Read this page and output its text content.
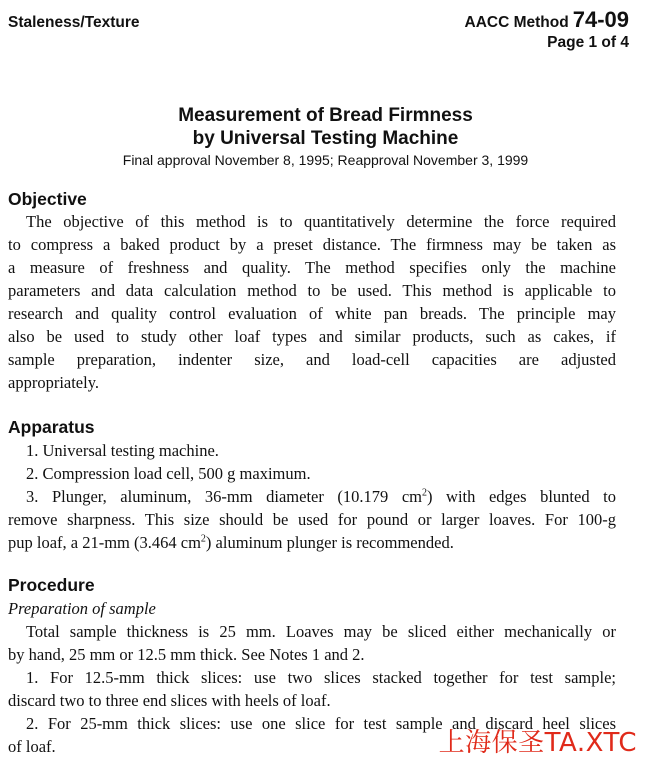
Staleness/Texture	AACC Method 74-09
Page 1 of 4
Measurement of Bread Firmness
by Universal Testing Machine
Final approval November 8, 1995; Reapproval November 3, 1999
Objective
The objective of this method is to quantitatively determine the force required
to compress a baked product by a preset distance. The firmness may be taken as
a measure of freshness and quality. The method specifies only the machine
parameters and data calculation method to be used. This method is applicable to
research and quality control evaluation of white pan breads. The principle may
also be used to study other loaf types and similar products, such as cakes, if
sample preparation, indenter size, and load-cell capacities are adjusted
appropriately.
Apparatus
1. Universal testing machine.
2. Compression load cell, 500 g maximum.
3. Plunger, aluminum, 36-mm diameter (10.179 $cm^2$) with edges blunted to
remove sharpness. This size should be used for pound or larger loaves. For 100-g
pup loaf, a 21-mm (3.464 $cm^2$) aluminum plunger is recommended.
Procedure
Preparation of sample
Total sample thickness is 25 mm. Loaves may be sliced either mechanically or
by hand, 25 mm or 12.5 mm thick. See Notes 1 and 2.
1. For 12.5-mm thick slices: use two slices stacked together for test sample;
discard two to three end slices with heels of loaf.
2. For 25-mm thick slices: use one slice for test sample and discard heel slices
of loaf.	上海保圣TA.XTC
